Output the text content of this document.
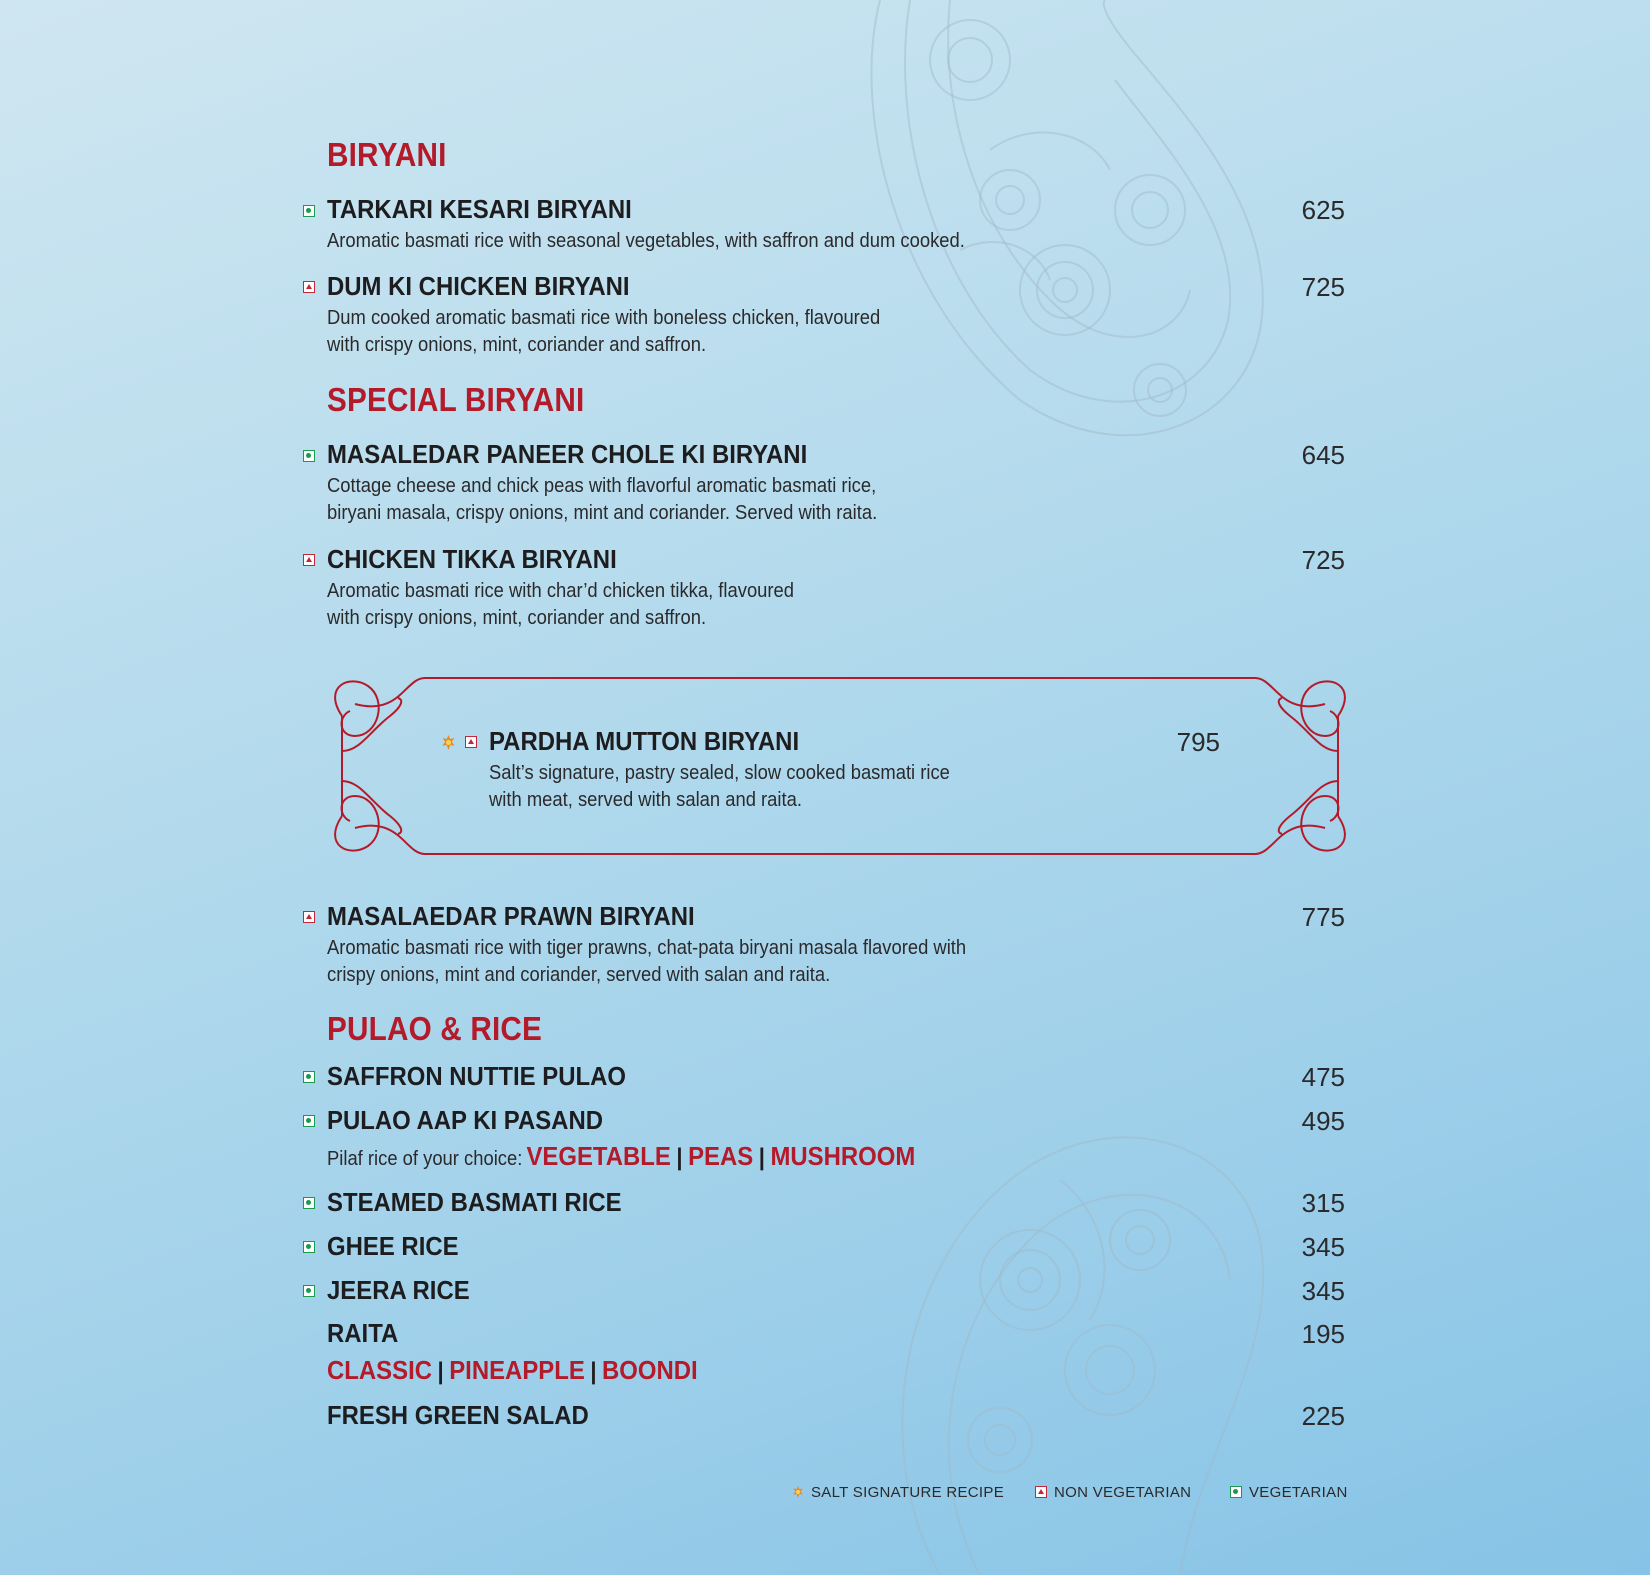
BIRYANI
TARKARI KESARI BIRYANI	625

Aromatic basmati rice with seasonal vegetables, with saffron and dum cooked.

DUM KI CHICKEN BIRYANI	725

Dum cooked aromatic basmati rice with boneless chicken, flavoured

with crispy onions, mint, coriander and saffron.

SPECIAL BIRYANI
MASALEDAR PANEER CHOLE KI BIRYANI	645

Cottage cheese and chick peas with flavorful aromatic basmati rice,

biryani masala, crispy onions, mint and coriander. Served with raita.

CHICKEN TIKKA BIRYANI	725

Aromatic basmati rice with char’d chicken tikka, flavoured

with crispy onions, mint, coriander and saffron.

PARDHA MUTTON BIRYANI	795

Salt’s signature, pastry sealed, slow cooked basmati rice

with meat, served with salan and raita.

MASALAEDAR PRAWN BIRYANI	775

Aromatic basmati rice with tiger prawns, chat-pata biryani masala flavored with

crispy onions, mint and coriander, served with salan and raita.

PULAO & RICE
SAFFRON NUTTIE PULAO	475
PULAO AAP KI PASAND	495

Pilaf rice of your choice: VEGETABLE | PEAS | MUSHROOM

STEAMED BASMATI RICE	315
GHEE RICE	345
JEERA RICE	345
RAITA	195

CLASSIC | PINEAPPLE | BOONDI

FRESH GREEN SALAD	225
SALT SIGNATURE RECIPE	NON VEGETARIAN	VEGETARIAN
